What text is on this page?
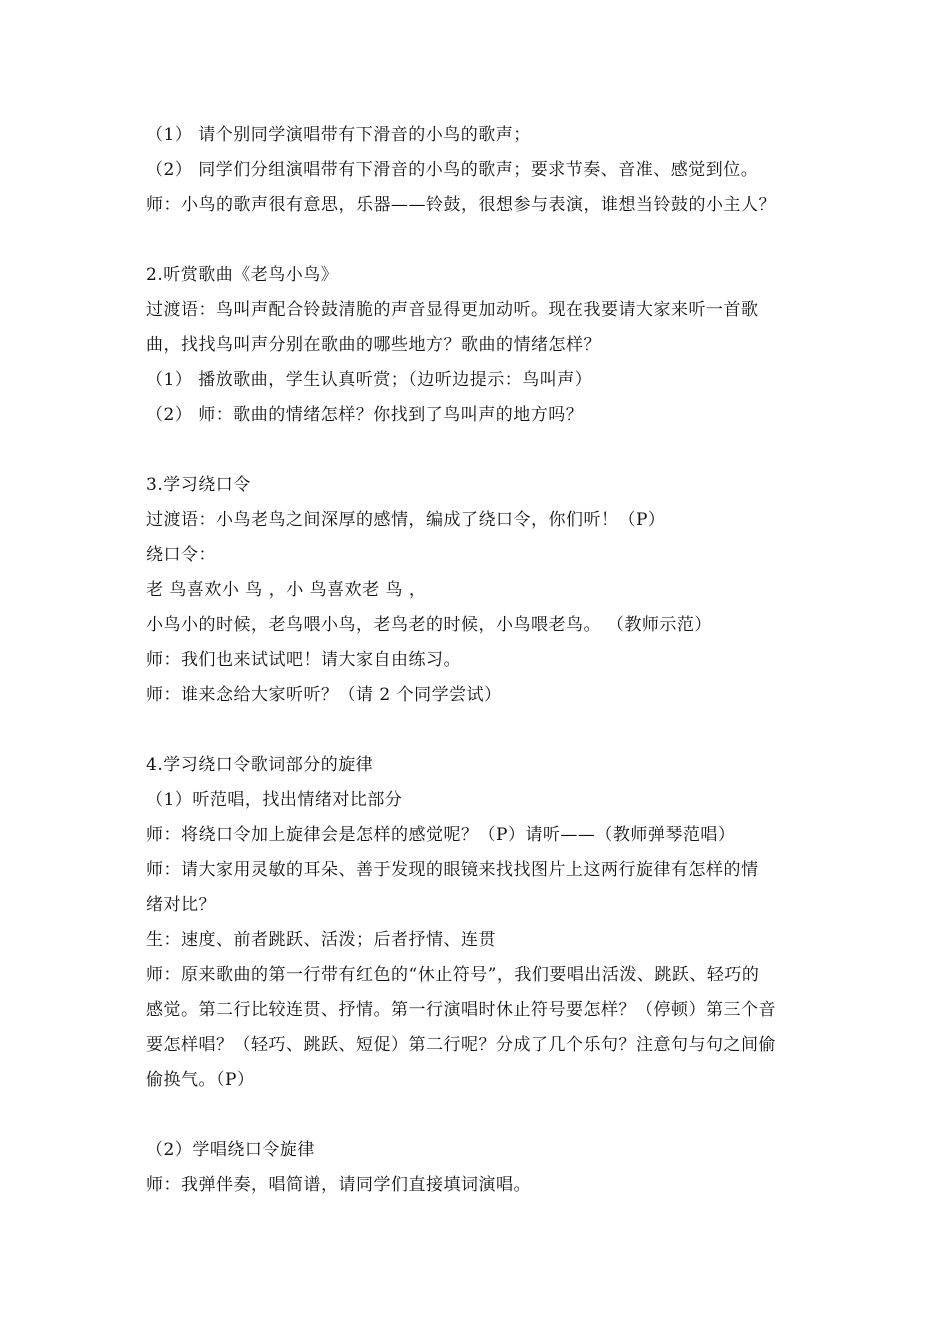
（1） 请个别同学演唱带有下滑音的小鸟的歌声；
（2） 同学们分组演唱带有下滑音的小鸟的歌声；要求节奏、音准、感觉到位。
师：小鸟的歌声很有意思，乐器——铃鼓，很想参与表演，谁想当铃鼓的小主人？
2.听赏歌曲《老鸟小鸟》
过渡语：鸟叫声配合铃鼓清脆的声音显得更加动听。现在我要请大家来听一首歌
曲，找找鸟叫声分别在歌曲的哪些地方？歌曲的情绪怎样？
（1） 播放歌曲，学生认真听赏；（边听边提示：鸟叫声）
（2） 师：歌曲的情绪怎样？你找到了鸟叫声的地方吗？
3.学习绕口令
过渡语：小鸟老鸟之间深厚的感情，编成了绕口令，你们听！（P）
绕口令：
老 鸟喜欢小 鸟 ，小 鸟喜欢老 鸟 ，
小鸟小的时候，老鸟喂小鸟，老鸟老的时候，小鸟喂老鸟。 （教师示范）
师：我们也来试试吧！请大家自由练习。
师：谁来念给大家听听？（请 2 个同学尝试）
4.学习绕口令歌词部分的旋律
（1）听范唱，找出情绪对比部分
师：将绕口令加上旋律会是怎样的感觉呢？（P）请听——（教师弹琴范唱）
师：请大家用灵敏的耳朵、善于发现的眼镜来找找图片上这两行旋律有怎样的情
绪对比？
生：速度、前者跳跃、活泼；后者抒情、连贯
师：原来歌曲的第一行带有红色的“休止符号”，我们要唱出活泼、跳跃、轻巧的
感觉。第二行比较连贯、抒情。第一行演唱时休止符号要怎样？（停顿）第三个音
要怎样唱？（轻巧、跳跃、短促）第二行呢？分成了几个乐句？注意句与句之间偷
偷换气。（P）
（2）学唱绕口令旋律
师：我弹伴奏，唱简谱，请同学们直接填词演唱。
